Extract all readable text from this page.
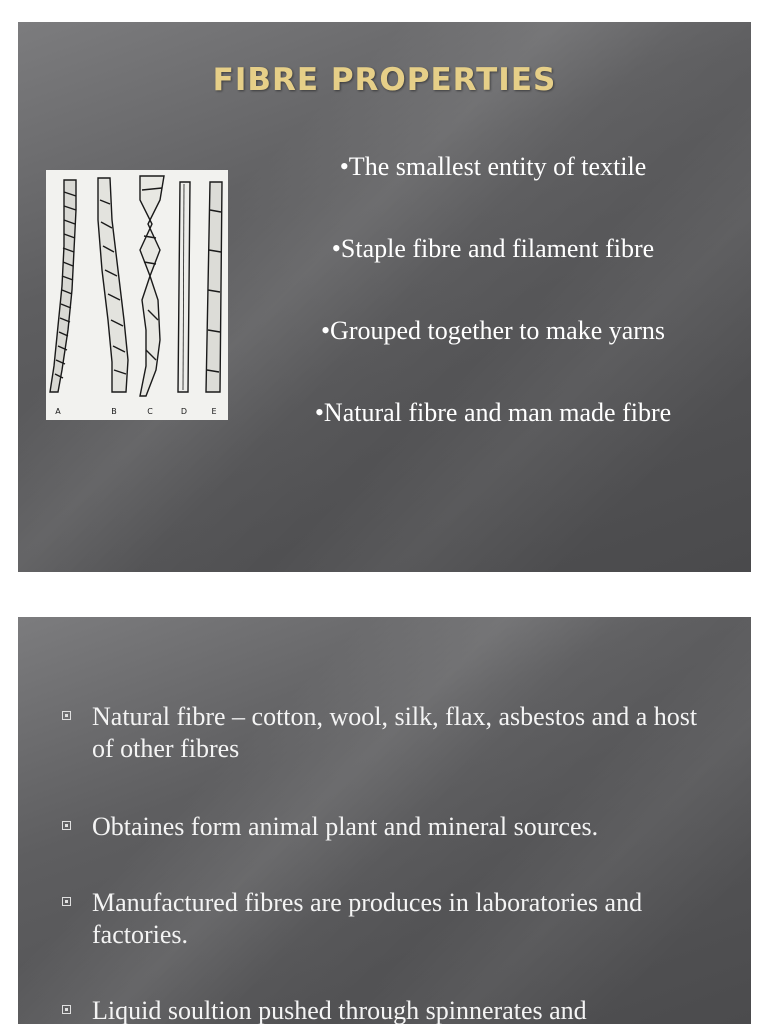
FIBRE PROPERTIES
A	B	C	D	E
•The smallest entity of textile
•Staple fibre and filament fibre
•Grouped together to make yarns
•Natural fibre and man made fibre
Natural fibre – cotton, wool, silk, flax, asbestos and a host of other fibres
Obtaines form animal plant and mineral sources.
Manufactured fibres are produces in laboratories and factories.
Liquid soultion pushed through spinnerates and
